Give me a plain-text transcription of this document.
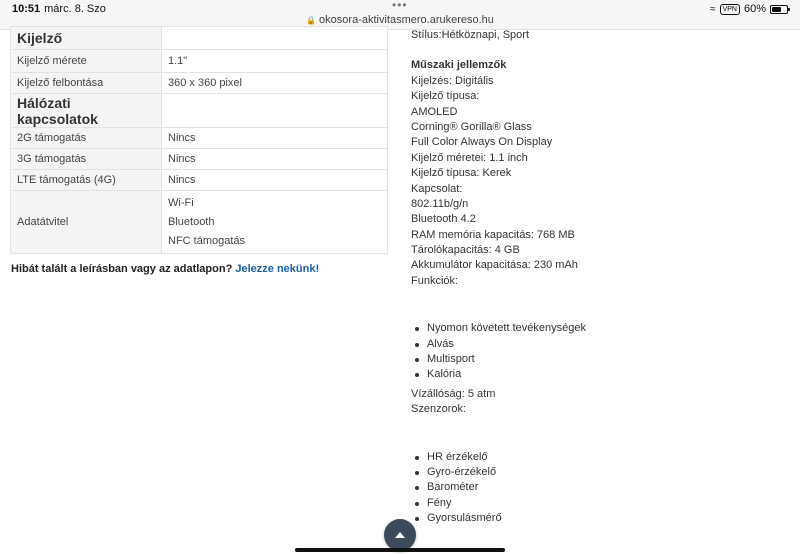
10:51 márc. 8. Szo	•••
🔒 okosora-aktivitasmero.arukereso.hu
≈	VPN 60%
Kijelző	
Kijelző mérete	1.1"
Kijelző felbontása	360 x 360 pixel
Hálózati kapcsolatok	
2G támogatás	Nincs
3G támogatás	Nincs
LTE támogatás (4G)	Nincs
Adatátvitel	Wi-Fi
Bluetooth
NFC támogatás
Hibát talált a leírásban vagy az adatlapon? Jelezze nekünk!
Stílus:Hétköznapi, Sport
Műszaki jellemzők
Kijelzés: Digitális
Kijelző típusa:
AMOLED
Corning® Gorilla® Glass
Full Color Always On Display
Kijelző méretei: 1.1 inch
Kijelző típusa: Kerek
Kapcsolat:
802.11b/g/n
Bluetooth 4.2
RAM memória kapacitás: 768 MB
Tárolókapacitás: 4 GB
Akkumulátor kapacitása: 230 mAh
Funkciók:
Nyomon követett tevékenységek
Alvás
Multisport
Kalória
Vízállóság: 5 atm
Szenzorok:
HR érzékelő
Gyro-érzékelő
Barométer
Fény
Gyorsulásmérő
